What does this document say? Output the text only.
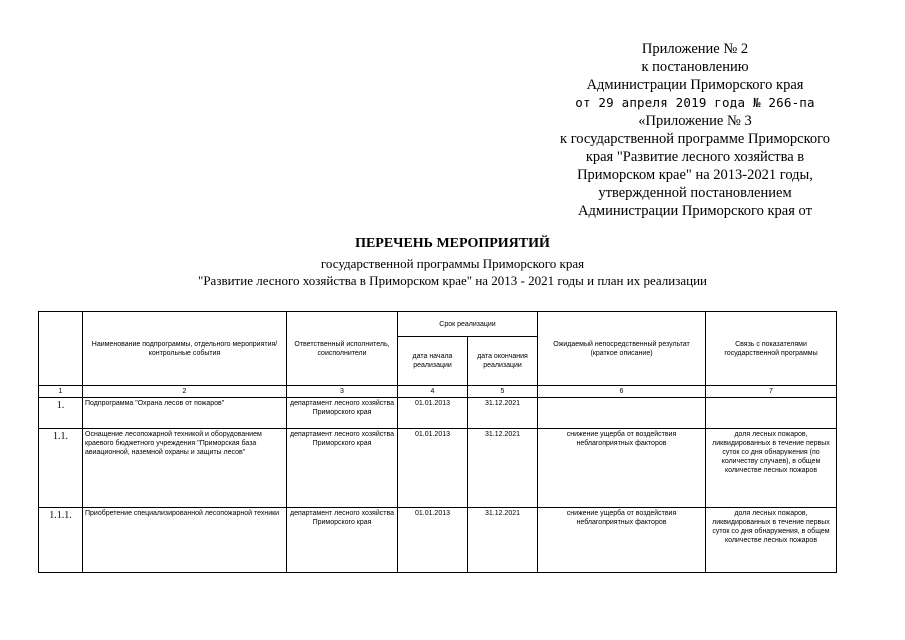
Приложение № 2
к постановлению
Администрации Приморского края
от 29 апреля 2019 года № 266-па
«Приложение № 3
к государственной программе Приморского
края "Развитие лесного хозяйства в
Приморском крае" на 2013-2021 годы,
утвержденной постановлением
Администрации Приморского края от
ПЕРЕЧЕНЬ МЕРОПРИЯТИЙ
государственной программы Приморского края
"Развитие лесного хозяйства в Приморском крае" на 2013 - 2021 годы и план их реализации
	Наименование подпрограммы, отдельного мероприятия/контрольные события	Ответственный исполнитель, соисполнители	Срок реализации		Ожидаемый непосредственный результат (краткое описание)	Связь с показателями государственной программы
			дата начала реализации	дата окончания реализации		
1	2	3	4	5	6	7
1.	Подпрограмма "Охрана лесов от пожаров"	департамент лесного хозяйства Приморского края	01.01.2013	31.12.2021		
1.1.	Оснащение лесопожарной техникой и оборудованием краевого бюджетного учреждения "Приморская база авиационной, наземной охраны и защиты лесов"	департамент лесного хозяйства Приморского края	01.01.2013	31.12.2021	снижение ущерба от воздействия неблагоприятных факторов	доля лесных пожаров, ликвидированных в течение первых суток со дня обнаружения (по количеству случаев), в общем количестве лесных пожаров
1.1.1.	Приобретение специализированной лесопожарной техники	департамент лесного хозяйства Приморского края	01.01.2013	31.12.2021	снижение ущерба от воздействия неблагоприятных факторов	доля лесных пожаров, ликвидированных в течение первых суток со дня обнаружения, в общем количестве лесных пожаров
